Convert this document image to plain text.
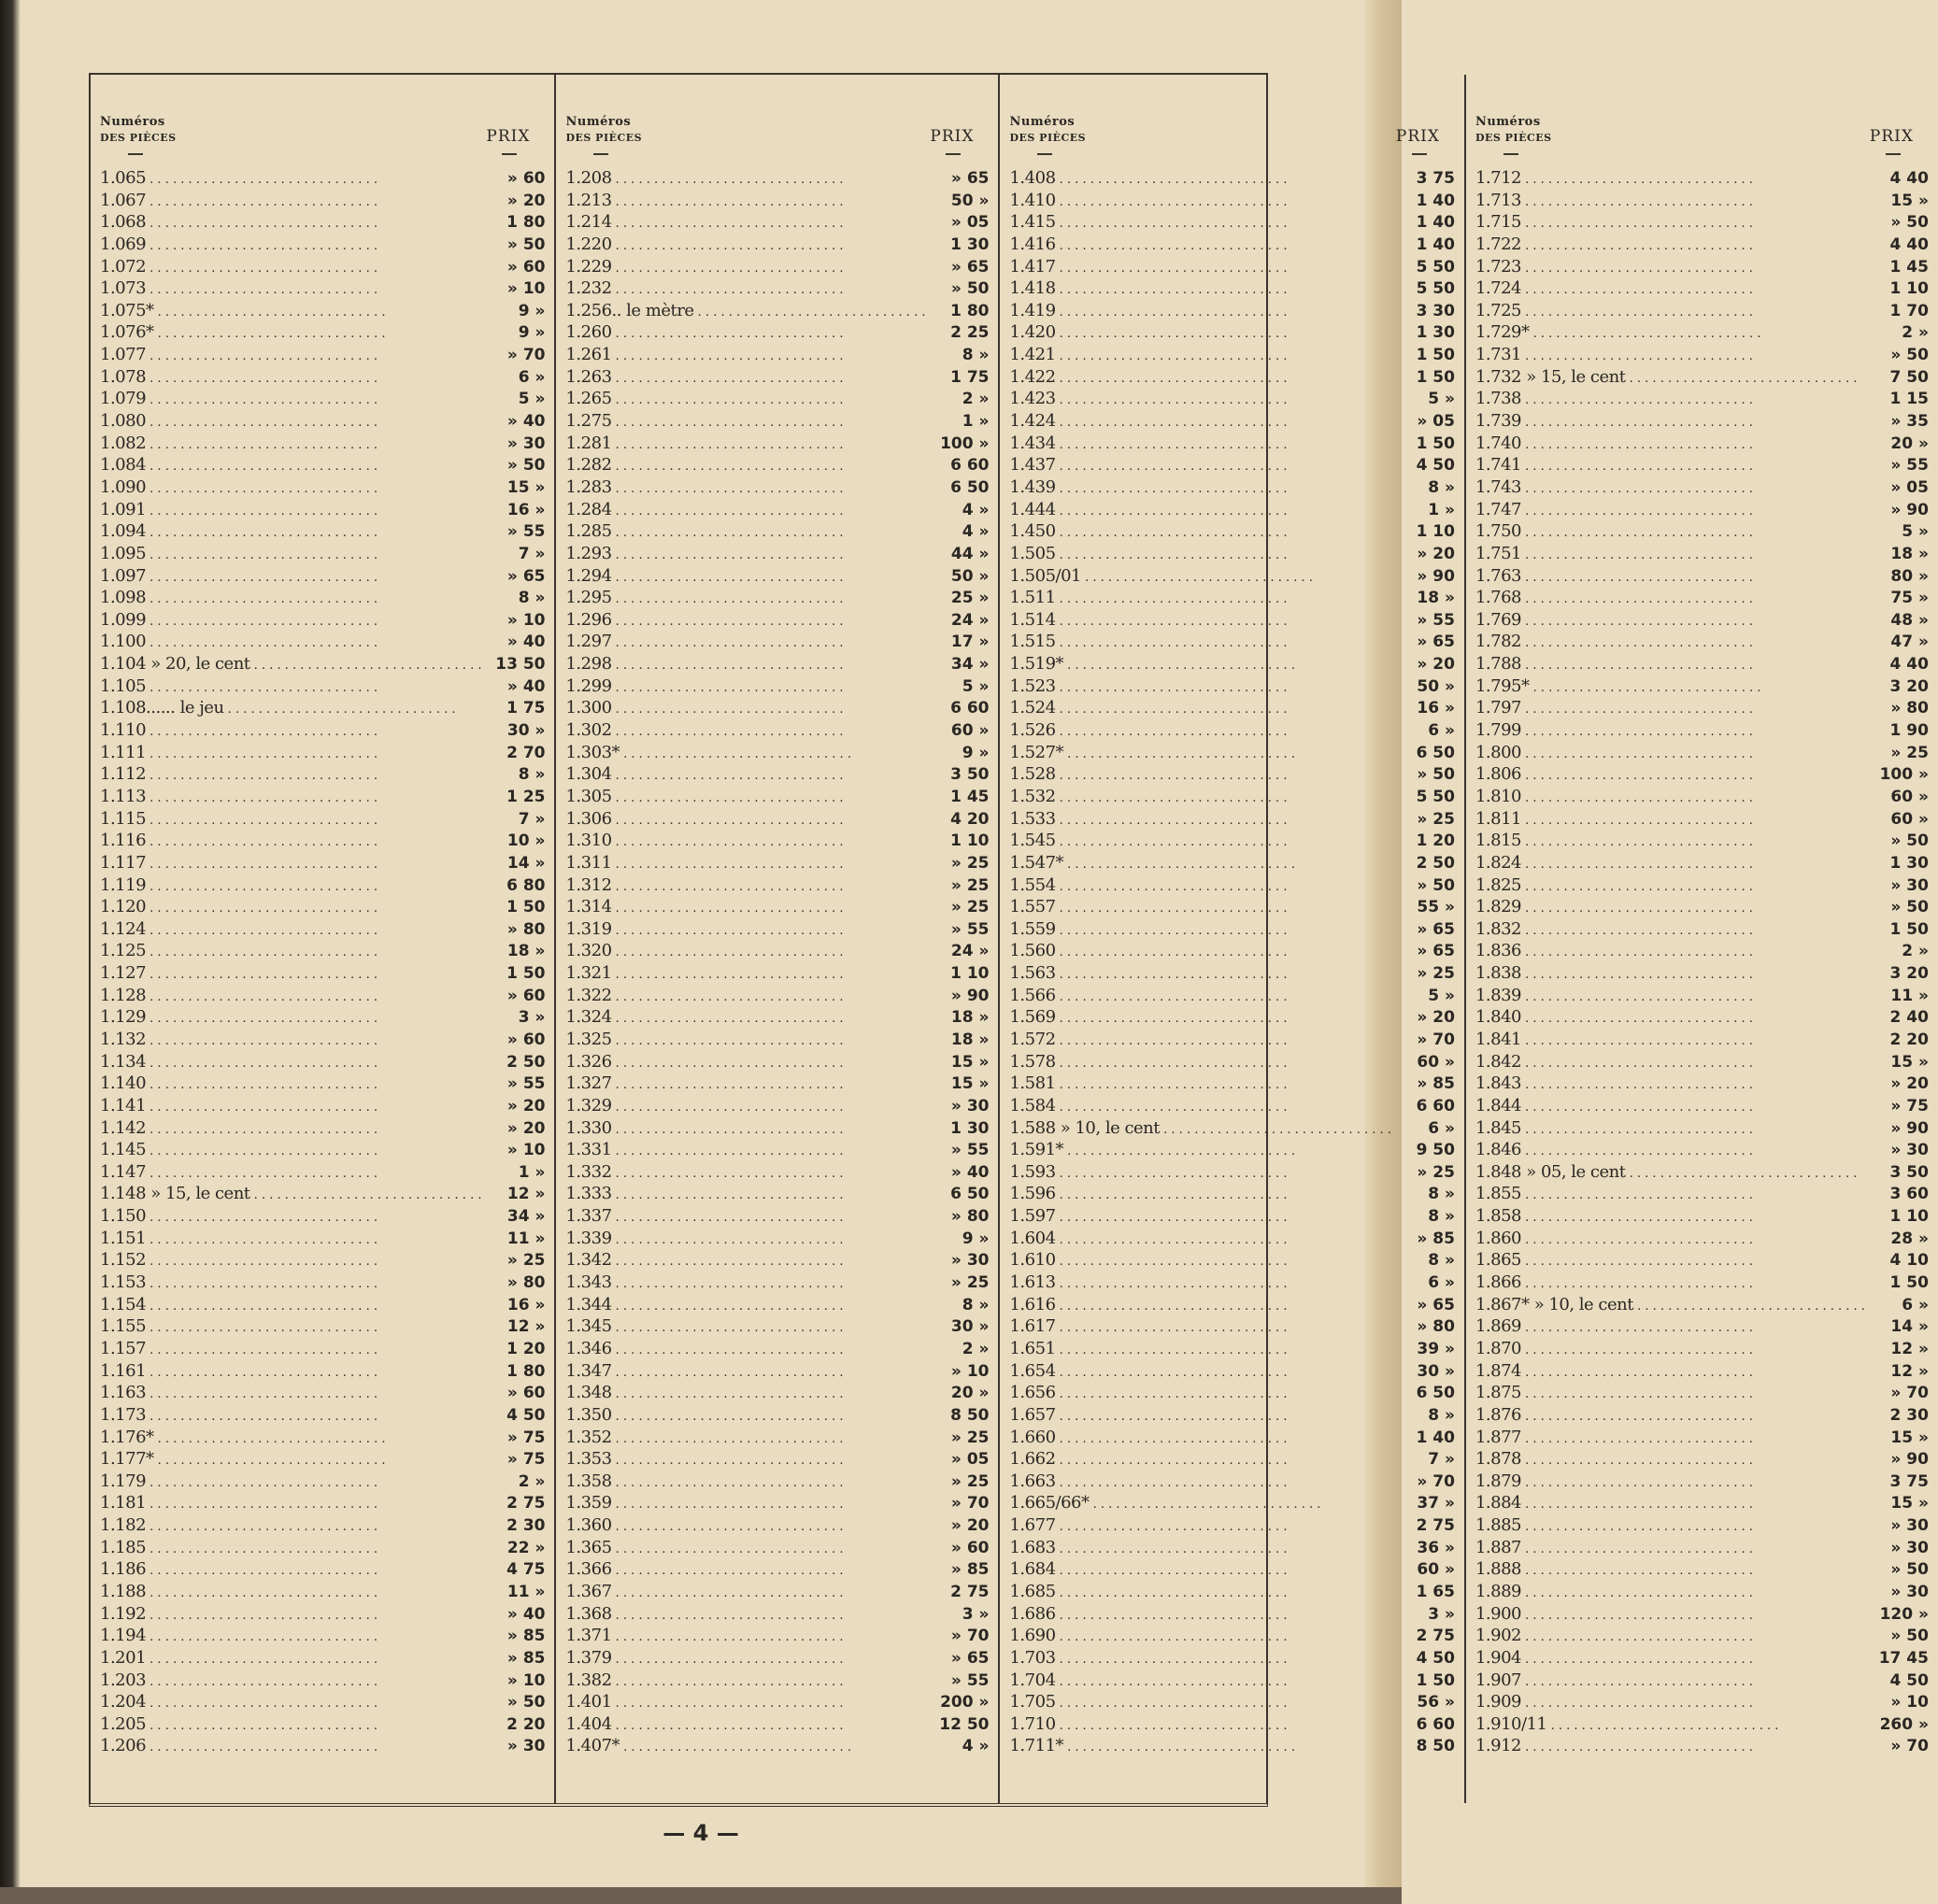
Numéros
DES PIÈCES	PRIX
1.065 . . .	» 60
1.067 . . .	» 20
1.068 . . .	1 80
1.069 . . .	» 50
1.072 . . .	» 60
1.073 . . .	» 10
1.075* . . .	9 »
1.076* . . .	9 »
1.077 . . .	» 70
1.078 . . .	6 »
1.079 . . .	5 »
1.080 . . .	» 40
1.082 . . .	» 30
1.084 . . .	» 50
1.090 . . .	15 »
1.091 . . .	16 »
1.094 . . .	» 55
1.095 . . .	7 »
1.097 . . .	» 65
1.098 . . .	8 »
1.099 . . .	» 10
1.100 . . .	» 40
1.104 » 20, le cent . . .	13 50
1.105 . . .	» 40
1.108...... le jeu . . .	1 75
1.110 . . .	30 »
1.111 . . .	2 70
1.112 . . .	8 »
1.113 . . .	1 25
1.115 . . .	7 »
1.116 . . .	10 »
1.117 . . .	14 »
1.119 . . .	6 80
1.120 . . .	1 50
1.124 . . .	» 80
1.125 . . .	18 »
1.127 . . .	1 50
1.128 . . .	» 60
1.129 . . .	3 »
1.132 . . .	» 60
1.134 . . .	2 50
1.140 . . .	» 55
1.141 . . .	» 20
1.142 . . .	» 20
1.145 . . .	» 10
1.147 . . .	1 »
1.148 » 15, le cent . . .	12 »
1.150 . . .	34 »
1.151 . . .	11 »
1.152 . . .	» 25
1.153 . . .	» 80
1.154 . . .	16 »
1.155 . . .	12 »
1.157 . . .	1 20
1.161 . . .	1 80
1.163 . . .	» 60
1.173 . . .	4 50
1.176* . . .	» 75
1.177* . . .	» 75
1.179 . . .	2 »
1.181 . . .	2 75
1.182 . . .	2 30
1.185 . . .	22 »
1.186 . . .	4 75
1.188 . . .	11 »
1.192 . . .	» 40
1.194 . . .	» 85
1.201 . . .	» 85
1.203 . . .	» 10
1.204 . . .	» 50
1.205 . . .	2 20
1.206 . . .	» 30
Numéros
DES PIÈCES	PRIX
1.208 . . .	» 65
1.213 . . .	50 »
1.214 . . .	» 05
1.220 . . .	1 30
1.229 . . .	» 65
1.232 . . .	» 50
1.256.. le mètre . . .	1 80
1.260 . . .	2 25
1.261 . . .	8 »
1.263 . . .	1 75
1.265 . . .	2 »
1.275 . . .	1 »
1.281 . . .	100 »
1.282 . . .	6 60
1.283 . . .	6 50
1.284 . . .	4 »
1.285 . . .	4 »
1.293 . . .	44 »
1.294 . . .	50 »
1.295 . . .	25 »
1.296 . . .	24 »
1.297 . . .	17 »
1.298 . . .	34 »
1.299 . . .	5 »
1.300 . . .	6 60
1.302 . . .	60 »
1.303* . . .	9 »
1.304 . . .	3 50
1.305 . . .	1 45
1.306 . . .	4 20
1.310 . . .	1 10
1.311 . . .	» 25
1.312 . . .	» 25
1.314 . . .	» 25
1.319 . . .	» 55
1.320 . . .	24 »
1.321 . . .	1 10
1.322 . . .	» 90
1.324 . . .	18 »
1.325 . . .	18 »
1.326 . . .	15 »
1.327 . . .	15 »
1.329 . . .	» 30
1.330 . . .	1 30
1.331 . . .	» 55
1.332 . . .	» 40
1.333 . . .	6 50
1.337 . . .	» 80
1.339 . . .	9 »
1.342 . . .	» 30
1.343 . . .	» 25
1.344 . . .	8 »
1.345 . . .	30 »
1.346 . . .	2 »
1.347 . . .	» 10
1.348 . . .	20 »
1.350 . . .	8 50
1.352 . . .	» 25
1.353 . . .	» 05
1.358 . . .	» 25
1.359 . . .	» 70
1.360 . . .	» 20
1.365 . . .	» 60
1.366 . . .	» 85
1.367 . . .	2 75
1.368 . . .	3 »
1.371 . . .	» 70
1.379 . . .	» 65
1.382 . . .	» 55
1.401 . . .	200 »
1.404 . . .	12 50
1.407* . . .	4 »
Numéros
DES PIÈCES	PRIX
1.408 . . .	3 75
1.410 . . .	1 40
1.415 . . .	1 40
1.416 . . .	1 40
1.417 . . .	5 50
1.418 . . .	5 50
1.419 . . .	3 30
1.420 . . .	1 30
1.421 . . .	1 50
1.422 . . .	1 50
1.423 . . .	5 »
1.424 . . .	» 05
1.434 . . .	1 50
1.437 . . .	4 50
1.439 . . .	8 »
1.444 . . .	1 »
1.450 . . .	1 10
1.505 . . .	» 20
1.505/01 . . .	» 90
1.511 . . .	18 »
1.514 . . .	» 55
1.515 . . .	» 65
1.519* . . .	» 20
1.523 . . .	50 »
1.524 . . .	16 »
1.526 . . .	6 »
1.527* . . .	6 50
1.528 . . .	» 50
1.532 . . .	5 50
1.533 . . .	» 25
1.545 . . .	1 20
1.547* . . .	2 50
1.554 . . .	» 50
1.557 . . .	55 »
1.559 . . .	» 65
1.560 . . .	» 65
1.563 . . .	» 25
1.566 . . .	5 »
1.569 . . .	» 20
1.572 . . .	» 70
1.578 . . .	60 »
1.581 . . .	» 85
1.584 . . .	6 60
1.588 » 10, le cent . . .	6 »
1.591* . . .	9 50
1.593 . . .	» 25
1.596 . . .	8 »
1.597 . . .	8 »
1.604 . . .	» 85
1.610 . . .	8 »
1.613 . . .	6 »
1.616 . . .	» 65
1.617 . . .	» 80
1.651 . . .	39 »
1.654 . . .	30 »
1.656 . . .	6 50
1.657 . . .	8 »
1.660 . . .	1 40
1.662 . . .	7 »
1.663 . . .	» 70
1.665/66* . . .	37 »
1.677 . . .	2 75
1.683 . . .	36 »
1.684 . . .	60 »
1.685 . . .	1 65
1.686 . . .	3 »
1.690 . . .	2 75
1.703 . . .	4 50
1.704 . . .	1 50
1.705 . . .	56 »
1.710 . . .	6 60
1.711* . . .	8 50
Numéros
DES PIÈCES	PRIX
1.712 . . .	4 40
1.713 . . .	15 »
1.715 . . .	» 50
1.722 . . .	4 40
1.723 . . .	1 45
1.724 . . .	1 10
1.725 . . .	1 70
1.729* . . .	2 »
1.731 . . .	» 50
1.732 » 15, le cent . . .	7 50
1.738 . . .	1 15
1.739 . . .	» 35
1.740 . . .	20 »
1.741 . . .	» 55
1.743 . . .	» 05
1.747 . . .	» 90
1.750 . . .	5 »
1.751 . . .	18 »
1.763 . . .	80 »
1.768 . . .	75 »
1.769 . . .	48 »
1.782 . . .	47 »
1.788 . . .	4 40
1.795* . . .	3 20
1.797 . . .	» 80
1.799 . . .	1 90
1.800 . . .	» 25
1.806 . . .	100 »
1.810 . . .	60 »
1.811 . . .	60 »
1.815 . . .	» 50
1.824 . . .	1 30
1.825 . . .	» 30
1.829 . . .	» 50
1.832 . . .	1 50
1.836 . . .	2 »
1.838 . . .	3 20
1.839 . . .	11 »
1.840 . . .	2 40
1.841 . . .	2 20
1.842 . . .	15 »
1.843 . . .	» 20
1.844 . . .	» 75
1.845 . . .	» 90
1.846 . . .	» 30
1.848 » 05, le cent . . .	3 50
1.855 . . .	3 60
1.858 . . .	1 10
1.860 . . .	28 »
1.865 . . .	4 10
1.866 . . .	1 50
1.867* » 10, le cent . . .	6 »
1.869 . . .	14 »
1.870 . . .	12 »
1.874 . . .	12 »
1.875 . . .	» 70
1.876 . . .	2 30
1.877 . . .	15 »
1.878 . . .	» 90
1.879 . . .	3 75
1.884 . . .	15 »
1.885 . . .	» 30
1.887 . . .	» 30
1.888 . . .	» 50
1.889 . . .	» 30
1.900 . . .	120 »
1.902 . . .	» 50
1.904 . . .	17 45
1.907 . . .	4 50
1.909 . . .	» 10
1.910/11 . . .	260 »
1.912 . . .	» 70
— 4 —
